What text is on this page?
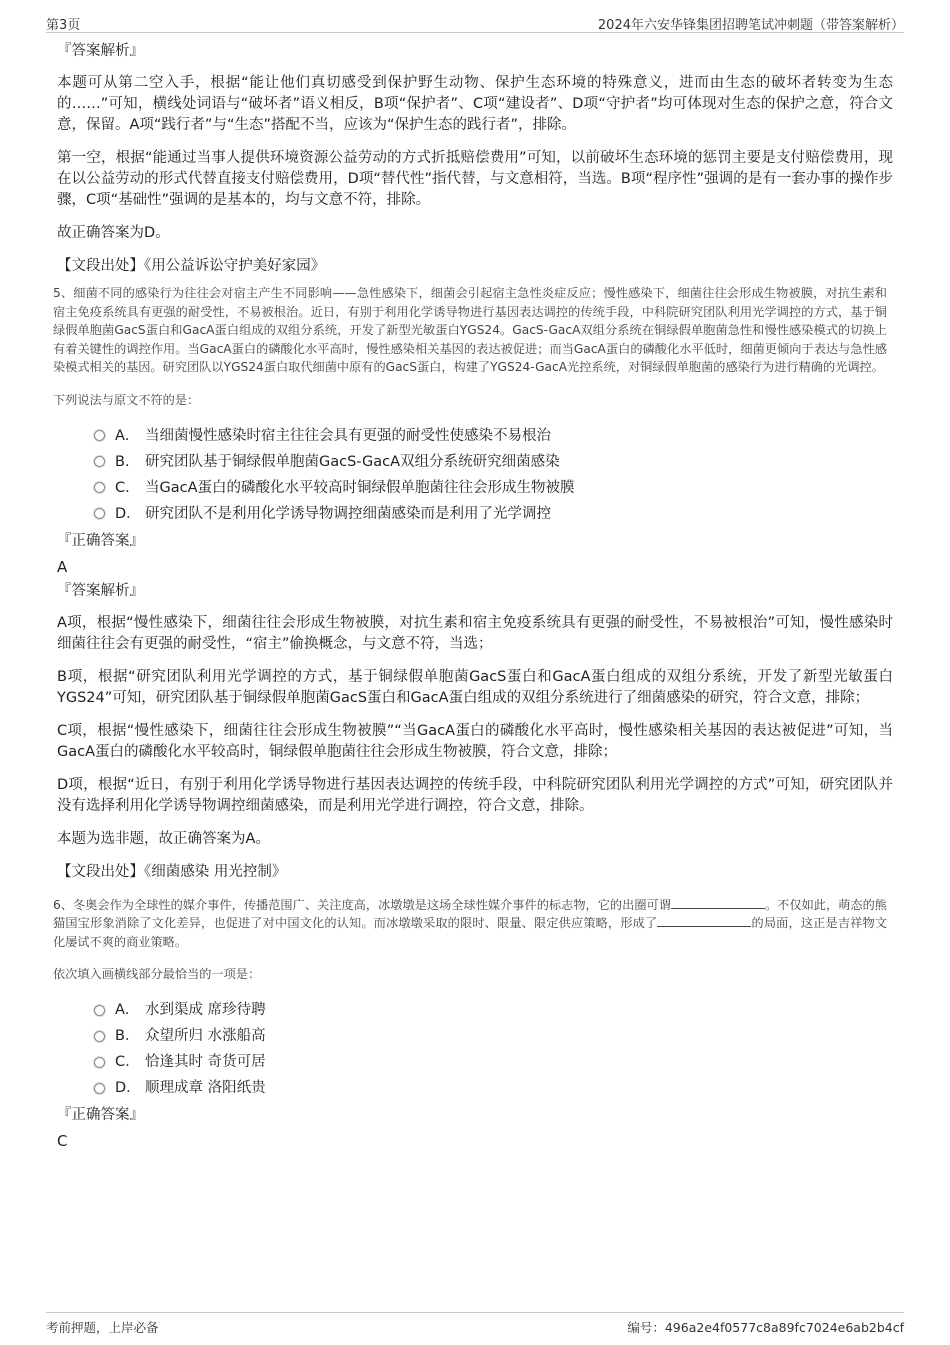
第3页	2024年六安华锋集团招聘笔试冲刺题（带答案解析）
『答案解析』

本题可从第二空入手，根据“能让他们真切感受到保护野生动物、保护生态环境的特殊意义，进而由生态的破坏者转变为生态的……”可知，横线处词语与“破坏者”语义相反，B项“保护者”、C项“建设者”、D项“守护者”均可体现对生态的保护之意，符合文意，保留。A项“践行者”与“生态”搭配不当，应该为“保护生态的践行者”，排除。

第一空，根据“能通过当事人提供环境资源公益劳动的方式折抵赔偿费用”可知，以前破坏生态环境的惩罚主要是支付赔偿费用，现在以公益劳动的形式代替直接支付赔偿费用，D项“替代性”指代替，与文意相符，当选。B项“程序性”强调的是有一套办事的操作步骤，C项“基础性”强调的是基本的，均与文意不符，排除。

故正确答案为D。

【文段出处】《用公益诉讼守护美好家园》
5、细菌不同的感染行为往往会对宿主产生不同影响——急性感染下，细菌会引起宿主急性炎症反应；慢性感染下，细菌往往会形成生物被膜，对抗生素和宿主免疫系统具有更强的耐受性，不易被根治。近日，有别于利用化学诱导物进行基因表达调控的传统手段，中科院研究团队利用光学调控的方式，基于铜绿假单胞菌GacS蛋白和GacA蛋白组成的双组分系统，开发了新型光敏蛋白YGS24。GacS-GacA双组分系统在铜绿假单胞菌急性和慢性感染模式的切换上有着关键性的调控作用。当GacA蛋白的磷酸化水平高时，慢性感染相关基因的表达被促进；而当GacA蛋白的磷酸化水平低时，细菌更倾向于表达与急性感染模式相关的基因。研究团队以YGS24蛋白取代细菌中原有的GacS蛋白，构建了YGS24-GacA光控系统，对铜绿假单胞菌的感染行为进行精确的光调控。
下列说法与原文不符的是：
A． 当细菌慢性感染时宿主往往会具有更强的耐受性使感染不易根治
B． 研究团队基于铜绿假单胞菌GacS-GacA双组分系统研究细菌感染
C． 当GacA蛋白的磷酸化水平较高时铜绿假单胞菌往往会形成生物被膜
D． 研究团队不是利用化学诱导物调控细菌感染而是利用了光学调控
『正确答案』
A
『答案解析』

A项，根据“慢性感染下，细菌往往会形成生物被膜，对抗生素和宿主免疫系统具有更强的耐受性，不易被根治”可知，慢性感染时细菌往往会有更强的耐受性，“宿主”偷换概念，与文意不符，当选；

B项，根据“研究团队利用光学调控的方式，基于铜绿假单胞菌GacS蛋白和GacA蛋白组成的双组分系统，开发了新型光敏蛋白YGS24”可知，研究团队基于铜绿假单胞菌GacS蛋白和GacA蛋白组成的双组分系统进行了细菌感染的研究，符合文意，排除；

C项，根据“慢性感染下，细菌往往会形成生物被膜”“当GacA蛋白的磷酸化水平高时，慢性感染相关基因的表达被促进”可知，当GacA蛋白的磷酸化水平较高时，铜绿假单胞菌往往会形成生物被膜，符合文意，排除；

D项，根据“近日，有别于利用化学诱导物进行基因表达调控的传统手段，中科院研究团队利用光学调控的方式”可知，研究团队并没有选择利用化学诱导物调控细菌感染，而是利用光学进行调控，符合文意，排除。

本题为选非题，故正确答案为A。

【文段出处】《细菌感染 用光控制》
6、冬奥会作为全球性的媒介事件，传播范围广、关注度高，冰墩墩是这场全球性媒介事件的标志物，它的出圈可谓	。不仅如此，萌态的熊猫国宝形象消除了文化差异，也促进了对中国文化的认知。而冰墩墩采取的限时、限量、限定供应策略，形成了	的局面，这正是吉祥物文化屡试不爽的商业策略。
依次填入画横线部分最恰当的一项是：
A． 水到渠成 席珍待聘
B． 众望所归 水涨船高
C． 恰逢其时 奇货可居
D． 顺理成章 洛阳纸贵
『正确答案』
C
考前押题，上岸必备	编号：496a2e4f0577c8a89fc7024e6ab2b4cf
